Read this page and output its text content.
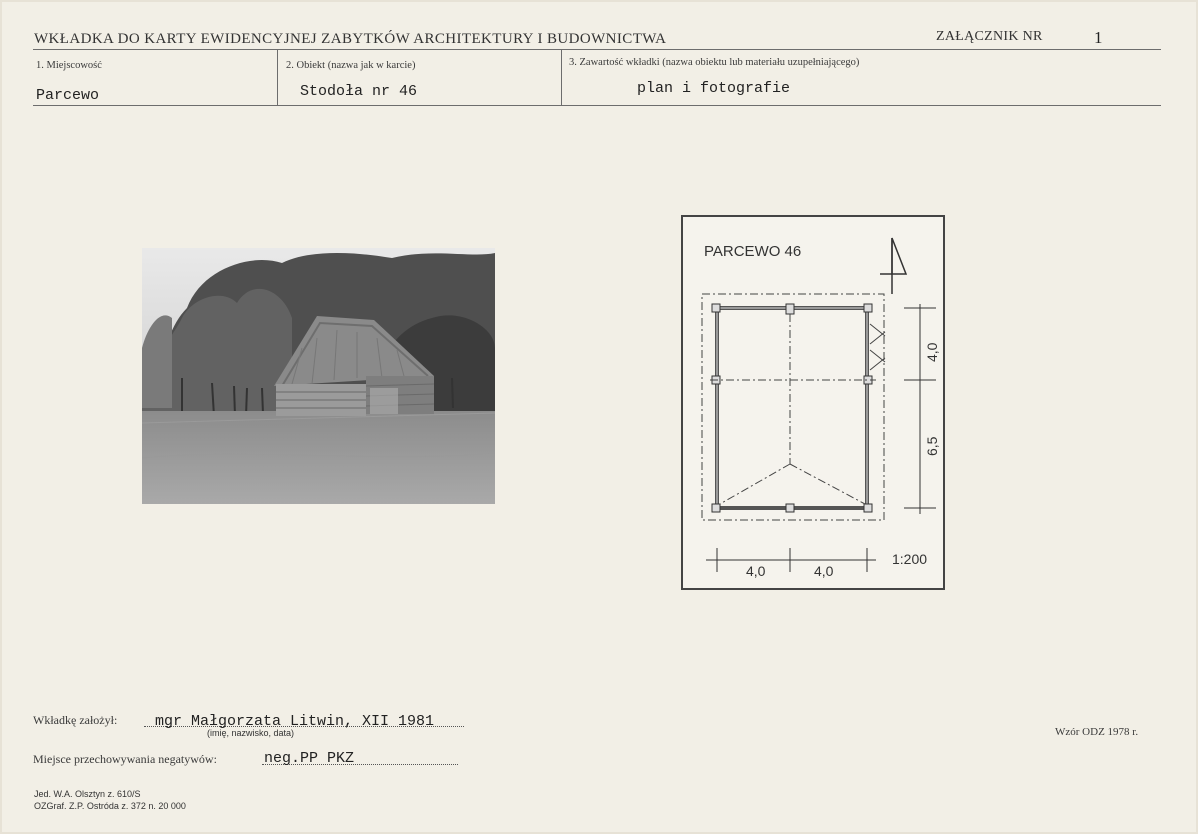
WKŁADKA DO KARTY EWIDENCYJNEJ ZABYTKÓW ARCHITEKTURY I BUDOWNICTWA	ZAŁĄCZNIK NR	1
1. Miejscowość
Parcewo
2. Obiekt (nazwa jak w karcie)
Stodoła nr 46
3. Zawartość wkładki (nazwa obiektu lub materiału uzupełniającego)
plan i fotografie
PARCEWO 46
4,0
6,5
4,0	4,0
1:200
Wkładkę założył:	mgr Małgorzata Litwin, XII 1981
(imię, nazwisko, data)
Miejsce przechowywania negatywów:	neg.PP PKZ
Wzór ODZ 1978 r.
Jed. W.A. Olsztyn z. 610/S
OZGraf. Z.P. Ostróda z. 372 n. 20 000
